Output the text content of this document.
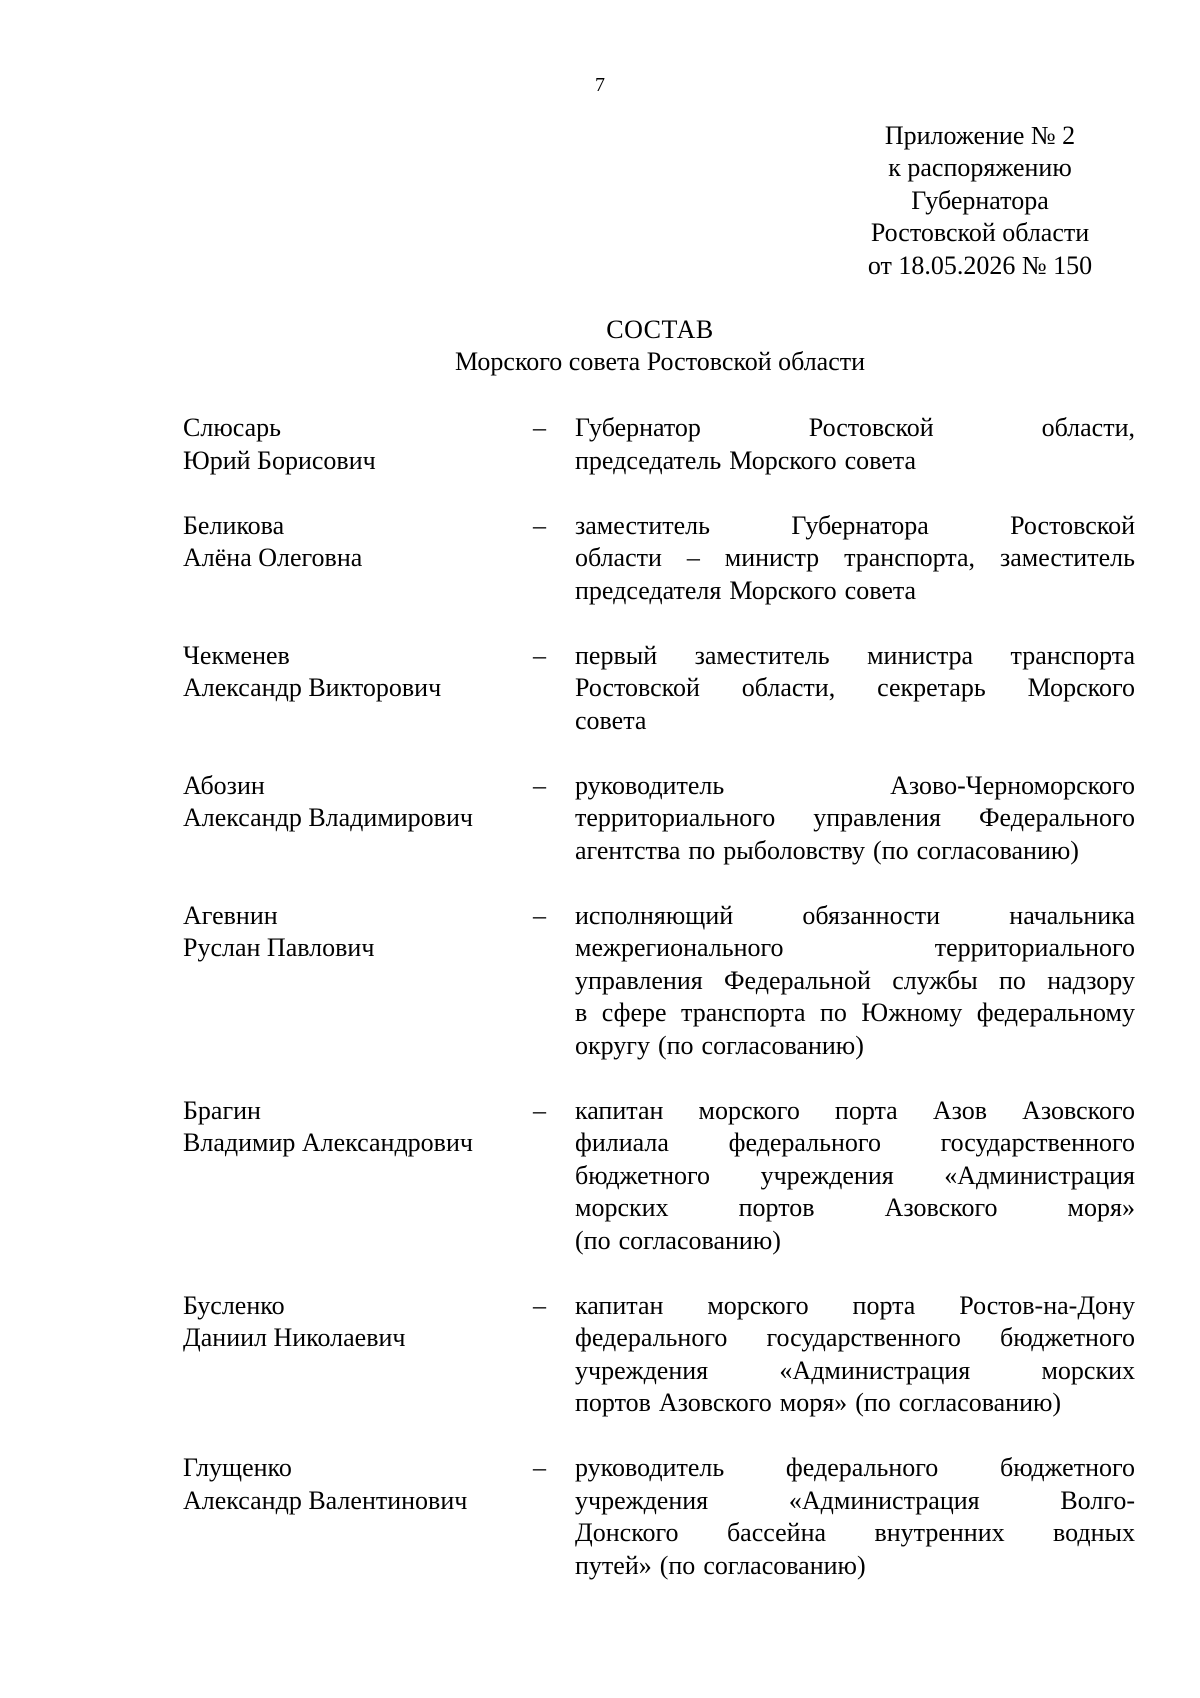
7
Приложение № 2
к распоряжению
Губернатора
Ростовской области
от 18.05.2026 № 150
СОСТАВ
Морского совета Ростовской области
Слюсарь
Юрий Борисович
–	Губернатор	Ростовской	области,
председатель Морского совета
Беликова
Алёна Олеговна
–	заместитель	Губернатора	Ростовской
области – министр транспорта, заместитель
председателя Морского совета
Чекменев
Александр Викторович
–	первый заместитель министра транспорта
Ростовской области, секретарь Морского
совета
Абозин
Александр Владимирович
–	руководитель	Азово-Черноморского
территориального управления Федерального
агентства по рыболовству (по согласованию)
Агевнин
Руслан Павлович
–	исполняющий	обязанности	начальника
межрегионального	территориального
управления Федеральной службы по надзору
в сфере транспорта по Южному федеральному
округу (по согласованию)
Брагин
Владимир Александрович
–	капитан морского порта Азов Азовского
филиала федерального государственного
бюджетного учреждения «Администрация
морских	портов	Азовского	моря»
(по согласованию)
Бусленко
Даниил Николаевич
–	капитан морского порта Ростов-на-Дону
федерального государственного бюджетного
учреждения	«Администрация	морских
портов Азовского моря» (по согласованию)
Глущенко
Александр Валентинович
–	руководитель федерального бюджетного
учреждения	«Администрация	Волго-
Донского бассейна внутренних водных
путей» (по согласованию)
